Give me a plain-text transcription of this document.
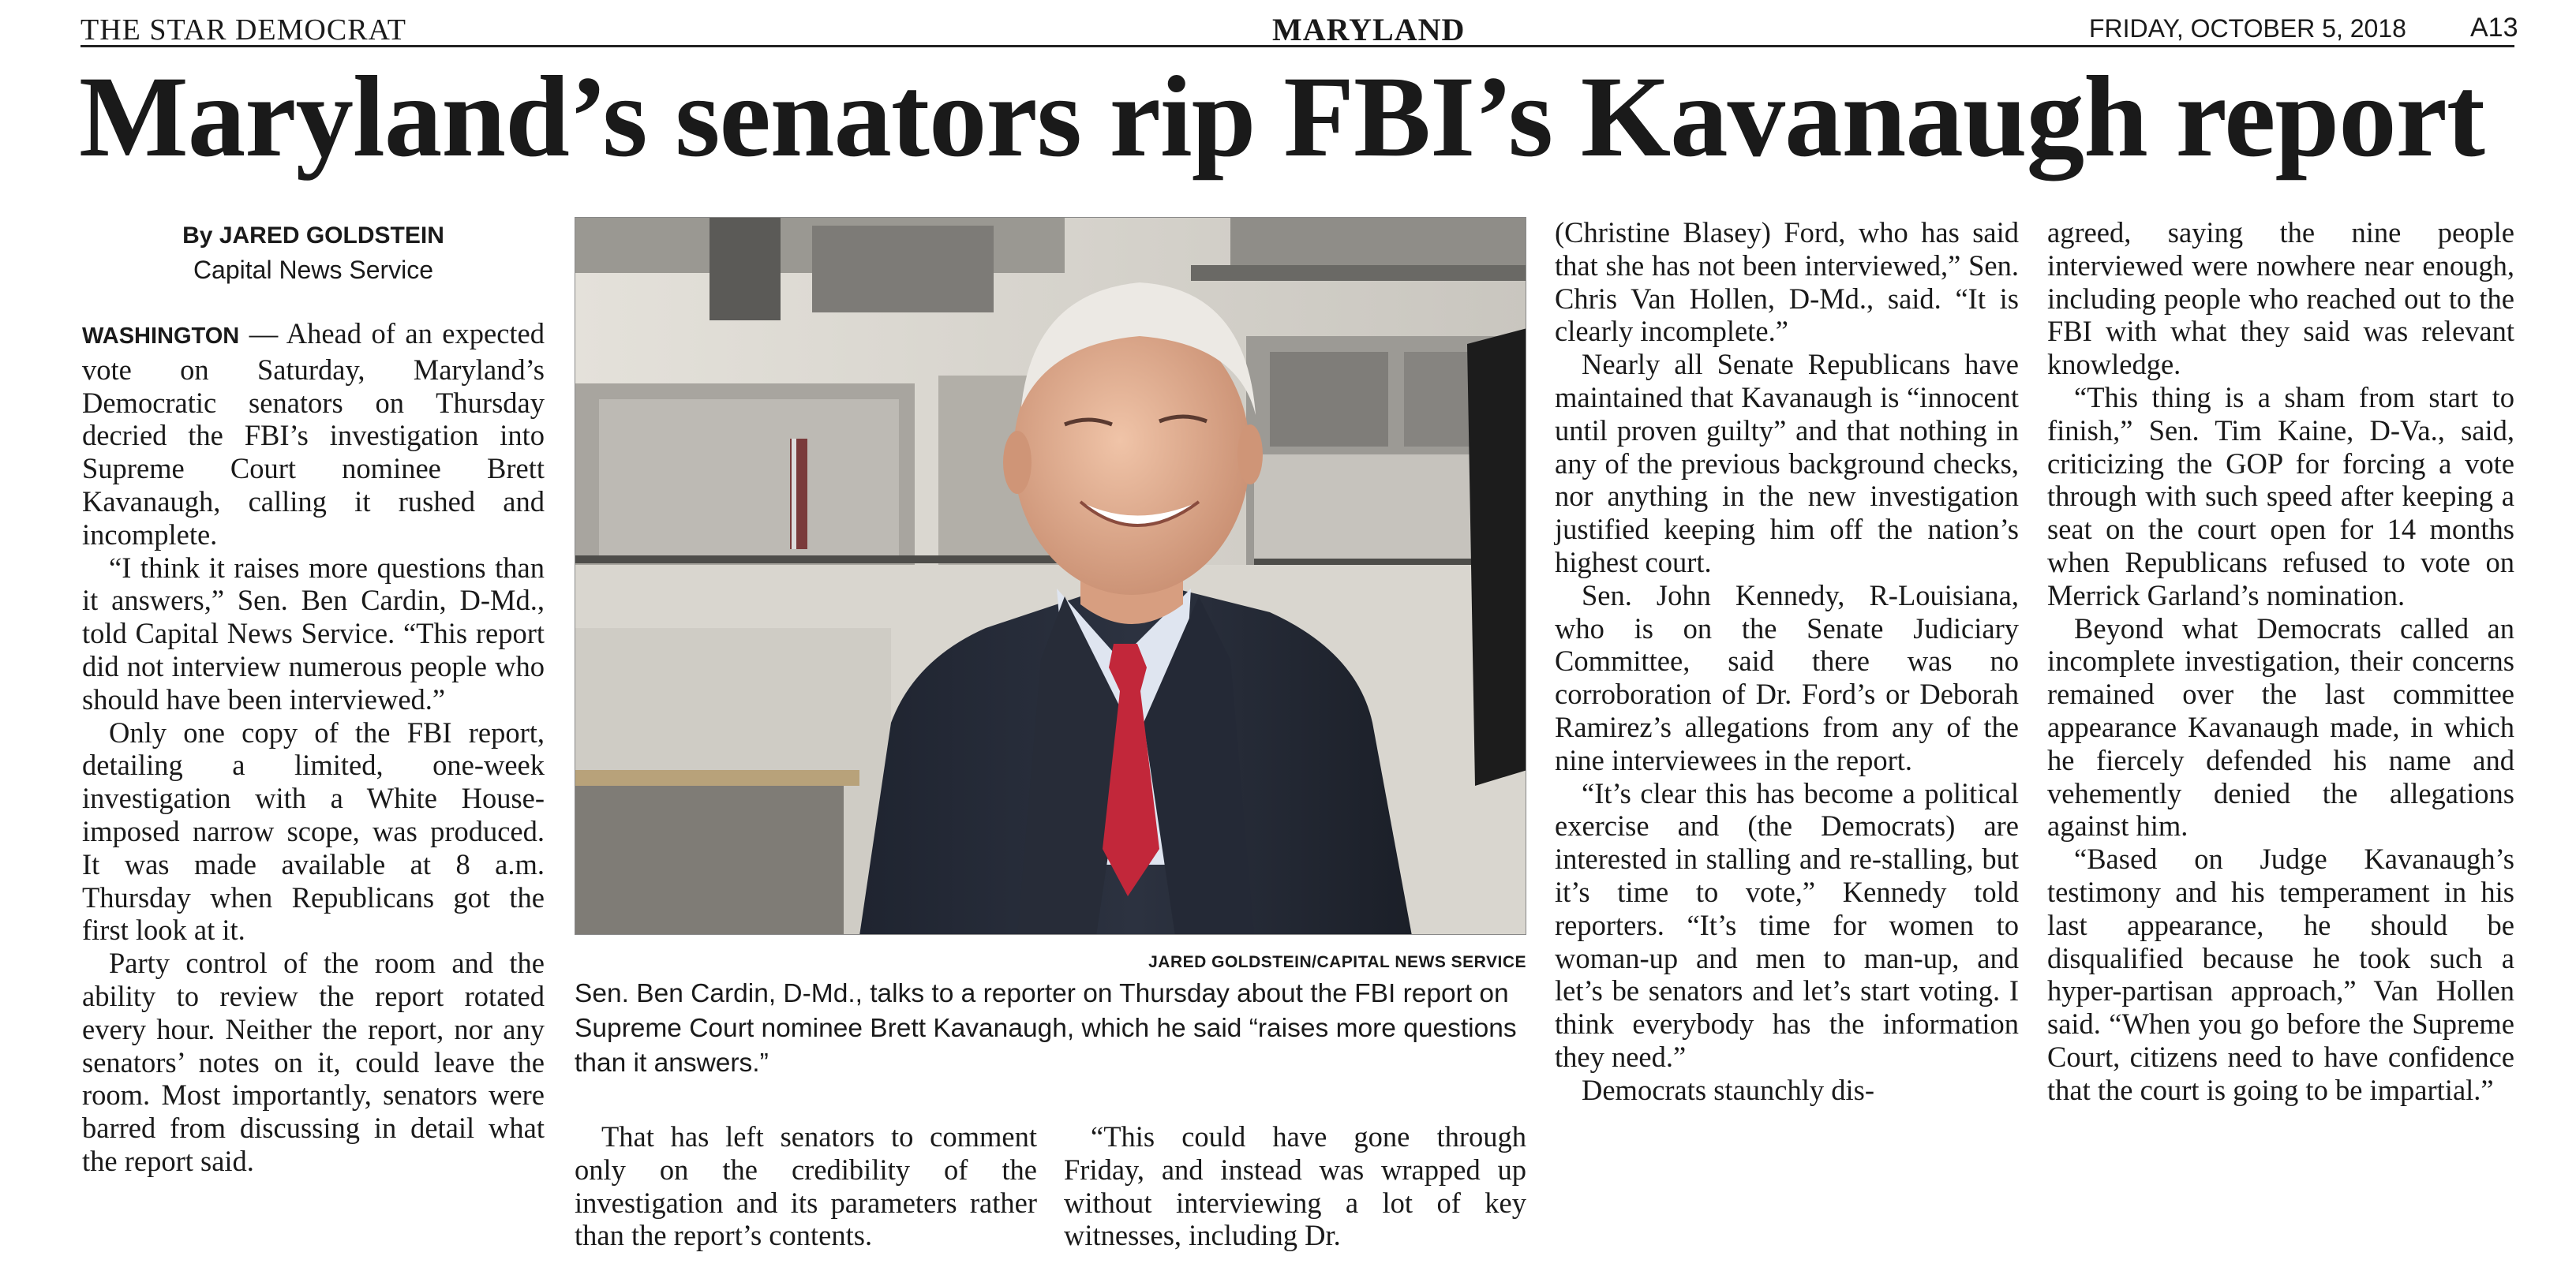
THE STAR DEMOCRAT	MARYLAND	FRIDAY, OCTOBER 5, 2018 A13
Maryland’s senators rip FBI’s Kavanaugh report
By JARED GOLDSTEIN
Capital News Service

WASHINGTON — Ahead of an expected vote on Saturday, Maryland’s Democratic senators on Thursday decried the FBI’s investigation into Supreme Court nominee Brett Kavanaugh, calling it rushed and incomplete.

“I think it raises more questions than it answers,” Sen. Ben Cardin, D-Md., told Capital News Service. “This report did not interview numerous people who should have been interviewed.”

Only one copy of the FBI report, detailing a limited, one-week investigation with a White House-imposed narrow scope, was produced. It was made available at 8 a.m. Thursday when Republicans got the first look at it.

Party control of the room and the ability to review the report rotated every hour. Neither the report, nor any senators’ notes on it, could leave the room. Most importantly, senators were barred from discussing in detail what the report said.

JARED GOLDSTEIN/CAPITAL NEWS SERVICE
Sen. Ben Cardin, D-Md., talks to a reporter on Thursday about the FBI report on Supreme Court nominee Brett Kavanaugh, which he said “raises more questions than it answers.”

That has left senators to comment only on the credibility of the investigation and its parameters rather than the report’s contents.

“This could have gone through Friday, and instead was wrapped up without interviewing a lot of key witnesses, including Dr.

(Christine Blasey) Ford, who has said that she has not been interviewed,” Sen. Chris Van Hollen, D-Md., said. “It is clearly incomplete.”

Nearly all Senate Republicans have maintained that Kavanaugh is “innocent until proven guilty” and that nothing in any of the previous background checks, nor anything in the new investigation justified keeping him off the nation’s highest court.

Sen. John Kennedy, R-Louisiana, who is on the Senate Judiciary Committee, said there was no corroboration of Dr. Ford’s or Deborah Ramirez’s allegations from any of the nine interviewees in the report.

“It’s clear this has become a political exercise and (the Democrats) are interested in stalling and re-stalling, but it’s time to vote,” Kennedy told reporters. “It’s time for women to woman-up and men to man-up, and let’s be senators and let’s start voting. I think everybody has the information they need.”

Democrats staunchly dis-

agreed, saying the nine people interviewed were nowhere near enough, including people who reached out to the FBI with what they said was relevant knowledge.

“This thing is a sham from start to finish,” Sen. Tim Kaine, D-Va., said, criticizing the GOP for forcing a vote through with such speed after keeping a seat on the court open for 14 months when Republicans refused to vote on Merrick Garland’s nomination.

Beyond what Democrats called an incomplete investigation, their concerns remained over the last committee appearance Kavanaugh made, in which he fiercely defended his name and vehemently denied the allegations against him.

“Based on Judge Kavanaugh’s testimony and his temperament in his last appearance, he should be disqualified because he took such a hyper-partisan approach,” Van Hollen said. “When you go before the Supreme Court, citizens need to have confidence that the court is going to be impartial.”
